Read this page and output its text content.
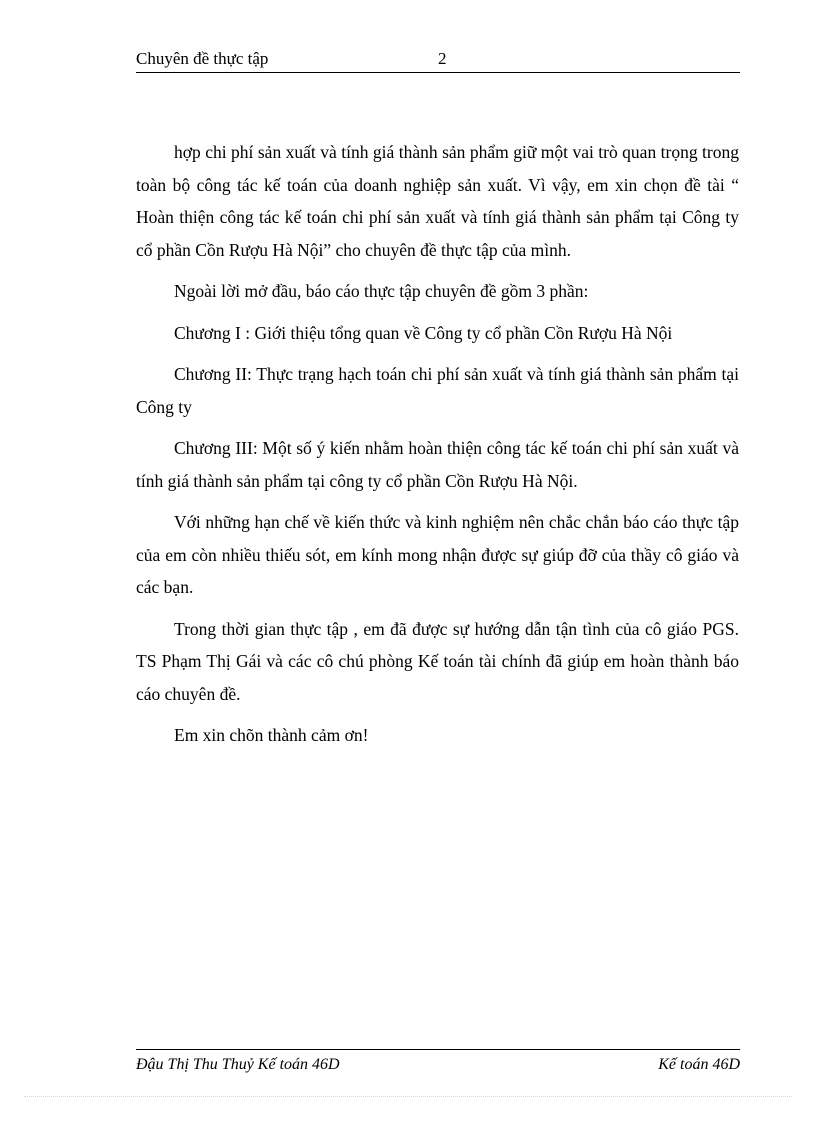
Chuyên đề thực tập	2

hợp chi phí sản xuất và tính giá thành sản phẩm giữ một vai trò quan trọng trong toàn bộ công tác kế toán của doanh nghiệp sản xuất. Vì vậy, em xin chọn đề tài “ Hoàn thiện công tác kế toán chi phí sản xuất và tính giá thành sản phẩm tại Công ty cổ phần Cồn Rượu Hà Nội” cho chuyên đề thực tập của mình.

Ngoài lời mở đầu, báo cáo thực tập chuyên đề gồm 3 phần:

Chương I : Giới thiệu tổng quan về Công ty cổ phần Cồn Rượu Hà Nội

Chương II: Thực trạng hạch toán chi phí sản xuất và tính giá thành sản phẩm tại Công ty

Chương III: Một số ý kiến nhằm hoàn thiện công tác kế toán chi phí sản xuất và tính giá thành sản phẩm tại công ty cổ phần Cồn Rượu Hà Nội.

Với những hạn chế về kiến thức và kinh nghiệm nên chắc chắn báo cáo thực tập của em còn nhiều thiếu sót, em kính mong nhận được sự giúp đỡ của thầy cô giáo và các bạn.

Trong thời gian thực tập , em đã được sự hướng dẫn tận tình của cô giáo PGS. TS Phạm Thị Gái và các cô chú phòng Kế toán tài chính đã giúp em hoàn thành báo cáo chuyên đề.

Em xin chõn thành cảm ơn!

Đậu Thị Thu Thuỷ Kế toán 46D	Kế toán 46D
